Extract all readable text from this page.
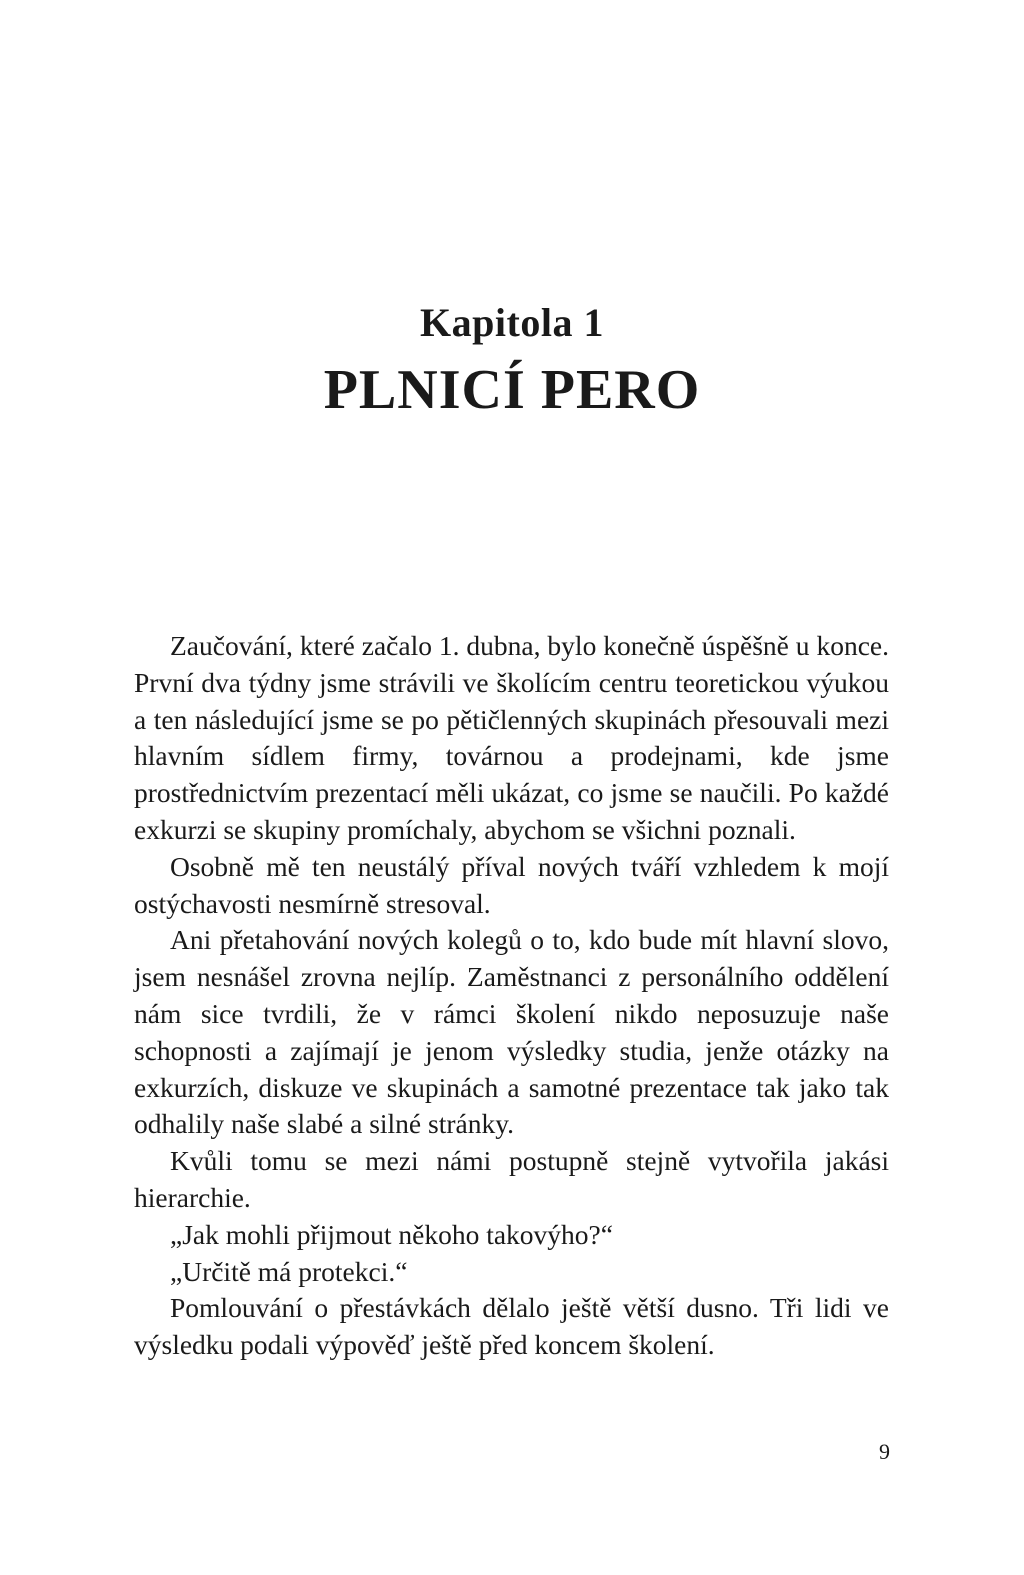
Kapitola 1
PLNICÍ PERO

Zaučování, které začalo 1. dubna, bylo konečně úspěšně u konce. První dva týdny jsme strávili ve školícím centru teoretickou výukou a ten následující jsme se po pětičlenných skupinách přesouvali mezi hlavním sídlem firmy, továrnou a prodejnami, kde jsme prostřednictvím prezentací měli ukázat, co jsme se naučili. Po každé exkurzi se skupiny promíchaly, abychom se všichni poznali.

Osobně mě ten neustálý příval nových tváří vzhledem k mojí ostýchavosti nesmírně stresoval.

Ani přetahování nových kolegů o to, kdo bude mít hlavní slovo, jsem nesnášel zrovna nejlíp. Zaměstnanci z personálního oddělení nám sice tvrdili, že v rámci školení nikdo neposuzuje naše schopnosti a zajímají je jenom výsledky studia, jenže otázky na exkurzích, diskuze ve skupinách a samotné prezentace tak jako tak odhalily naše slabé a silné stránky.

Kvůli tomu se mezi námi postupně stejně vytvořila jakási hierarchie.

„Jak mohli přijmout někoho takovýho?“

„Určitě má protekci.“

Pomlouvání o přestávkách dělalo ještě větší dusno. Tři lidi ve výsledku podali výpověď ještě před koncem školení.

9
